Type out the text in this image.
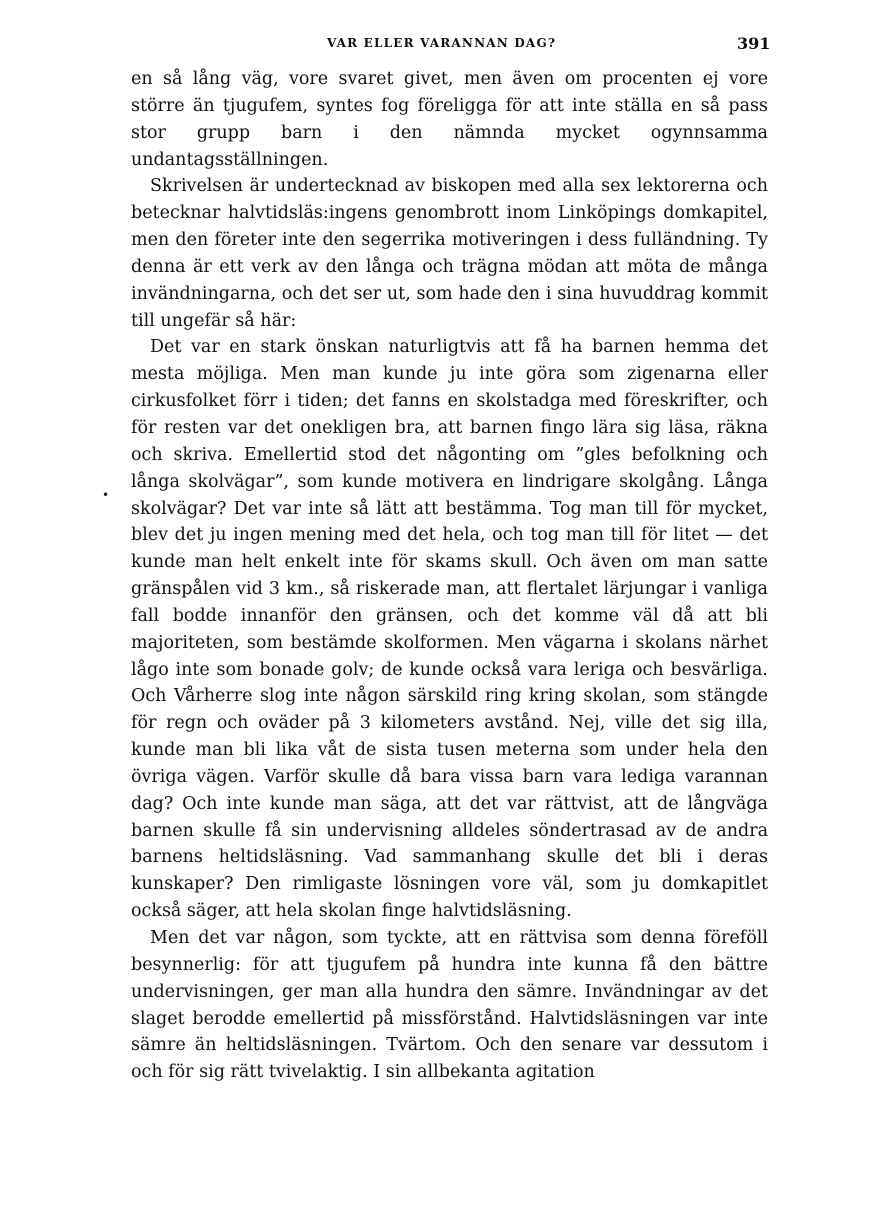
VAR ELLER VARANNAN DAG?	391
•

en så lång väg, vore svaret givet, men även om procenten ej vore större än tjugufem, syntes fog föreligga för att inte ställa en så pass stor grupp barn i den nämnda mycket ogynnsamma undantagsställningen.

Skrivelsen är undertecknad av biskopen med alla sex lektorerna och betecknar halvtidsläs:ingens genombrott inom Linköpings domkapitel, men den företer inte den segerrika motiveringen i dess fulländning. Ty denna är ett verk av den långa och trägna mödan att möta de många invändningarna, och det ser ut, som hade den i sina huvuddrag kommit till ungefär så här:

Det var en stark önskan naturligtvis att få ha barnen hemma det mesta möjliga. Men man kunde ju inte göra som zigenarna eller cirkusfolket förr i tiden; det fanns en skolstadga med föreskrifter, och för resten var det onekligen bra, att barnen fingo lära sig läsa, räkna och skriva. Emellertid stod det någonting om ”gles befolkning och långa skolvägar”, som kunde motivera en lindrigare skolgång. Långa skolvägar? Det var inte så lätt att bestämma. Tog man till för mycket, blev det ju ingen mening med det hela, och tog man till för litet — det kunde man helt enkelt inte för skams skull. Och även om man satte gränspålen vid 3 km., så riskerade man, att flertalet lärjungar i vanliga fall bodde innanför den gränsen, och det komme väl då att bli majoriteten, som bestämde skolformen. Men vägarna i skolans närhet lågo inte som bonade golv; de kunde också vara leriga och besvärliga. Och Vårherre slog inte någon särskild ring kring skolan, som stängde för regn och oväder på 3 kilometers avstånd. Nej, ville det sig illa, kunde man bli lika våt de sista tusen meterna som under hela den övriga vägen. Varför skulle då bara vissa barn vara lediga varannan dag? Och inte kunde man säga, att det var rättvist, att de långväga barnen skulle få sin undervisning alldeles söndertrasad av de andra barnens heltidsläsning. Vad sammanhang skulle det bli i deras kunskaper? Den rimligaste lösningen vore väl, som ju domkapitlet också säger, att hela skolan finge halvtidsläsning.

Men det var någon, som tyckte, att en rättvisa som denna föreföll besynnerlig: för att tjugufem på hundra inte kunna få den bättre undervisningen, ger man alla hundra den sämre. Invändningar av det slaget berodde emellertid på missförstånd. Halvtidsläsningen var inte sämre än heltidsläsningen. Tvärtom. Och den senare var dessutom i och för sig rätt tvivelaktig. I sin allbekanta agitation
